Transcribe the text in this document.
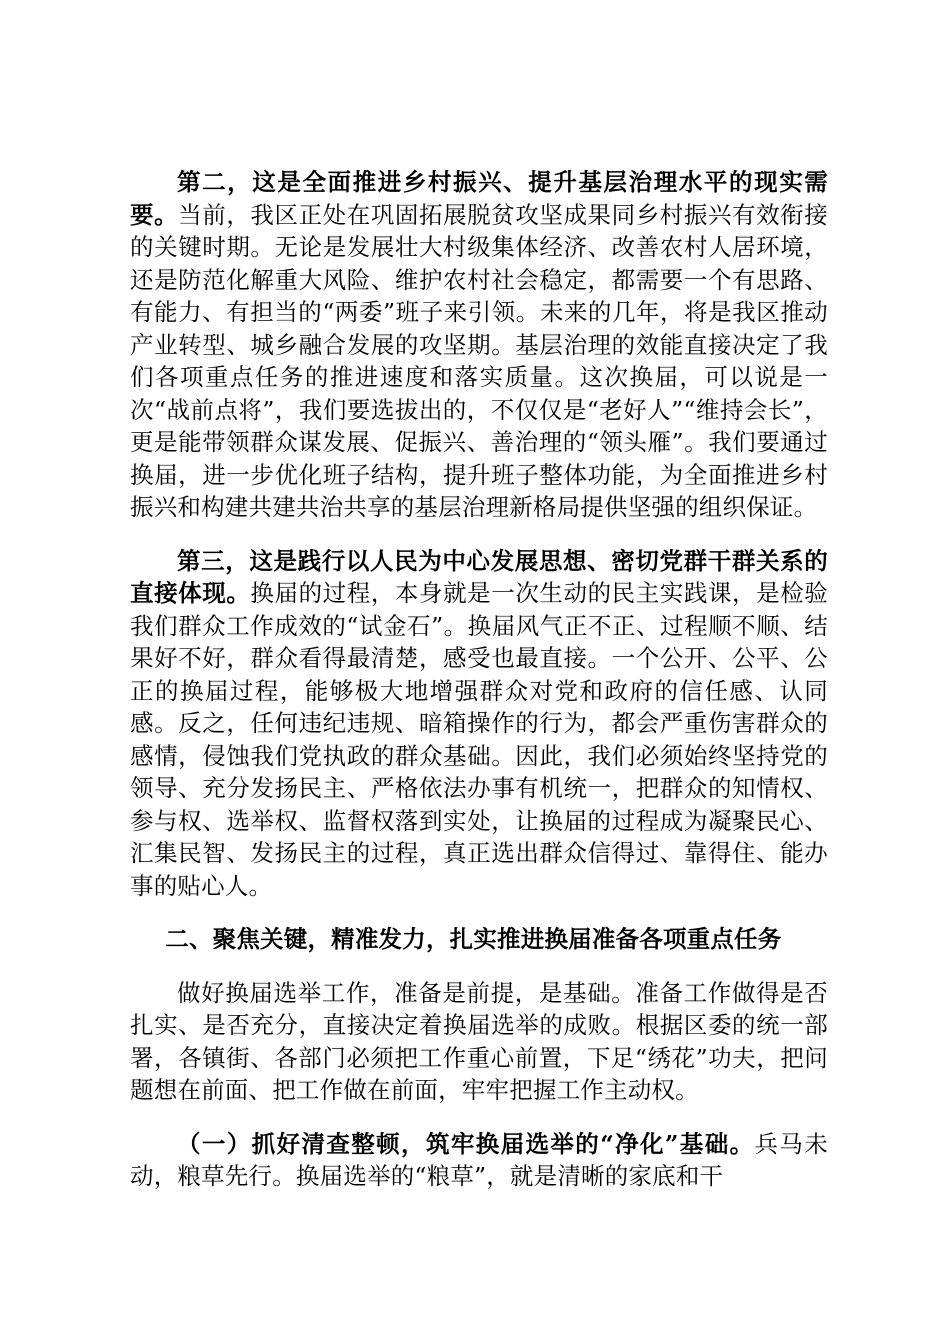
第二，这是全面推进乡村振兴、提升基层治理水平的现实需要。当前，我区正处在巩固拓展脱贫攻坚成果同乡村振兴有效衔接的关键时期。无论是发展壮大村级集体经济、改善农村人居环境，还是防范化解重大风险、维护农村社会稳定，都需要一个有思路、有能力、有担当的“两委”班子来引领。未来的几年，将是我区推动产业转型、城乡融合发展的攻坚期。基层治理的效能直接决定了我们各项重点任务的推进速度和落实质量。这次换届，可以说是一次“战前点将”，我们要选拔出的，不仅仅是“老好人”“维持会长”，更是能带领群众谋发展、促振兴、善治理的“领头雁”。我们要通过换届，进一步优化班子结构，提升班子整体功能，为全面推进乡村振兴和构建共建共治共享的基层治理新格局提供坚强的组织保证。

第三，这是践行以人民为中心发展思想、密切党群干群关系的直接体现。换届的过程，本身就是一次生动的民主实践课，是检验我们群众工作成效的“试金石”。换届风气正不正、过程顺不顺、结果好不好，群众看得最清楚，感受也最直接。一个公开、公平、公正的换届过程，能够极大地增强群众对党和政府的信任感、认同感。反之，任何违纪违规、暗箱操作的行为，都会严重伤害群众的感情，侵蚀我们党执政的群众基础。因此，我们必须始终坚持党的领导、充分发扬民主、严格依法办事有机统一，把群众的知情权、参与权、选举权、监督权落到实处，让换届的过程成为凝聚民心、汇集民智、发扬民主的过程，真正选出群众信得过、靠得住、能办事的贴心人。

二、聚焦关键，精准发力，扎实推进换届准备各项重点任务

做好换届选举工作，准备是前提，是基础。准备工作做得是否扎实、是否充分，直接决定着换届选举的成败。根据区委的统一部署，各镇街、各部门必须把工作重心前置，下足“绣花”功夫，把问题想在前面、把工作做在前面，牢牢把握工作主动权。

（一）抓好清查整顿，筑牢换届选举的“净化”基础。兵马未动，粮草先行。换届选举的“粮草”，就是清晰的家底和干
